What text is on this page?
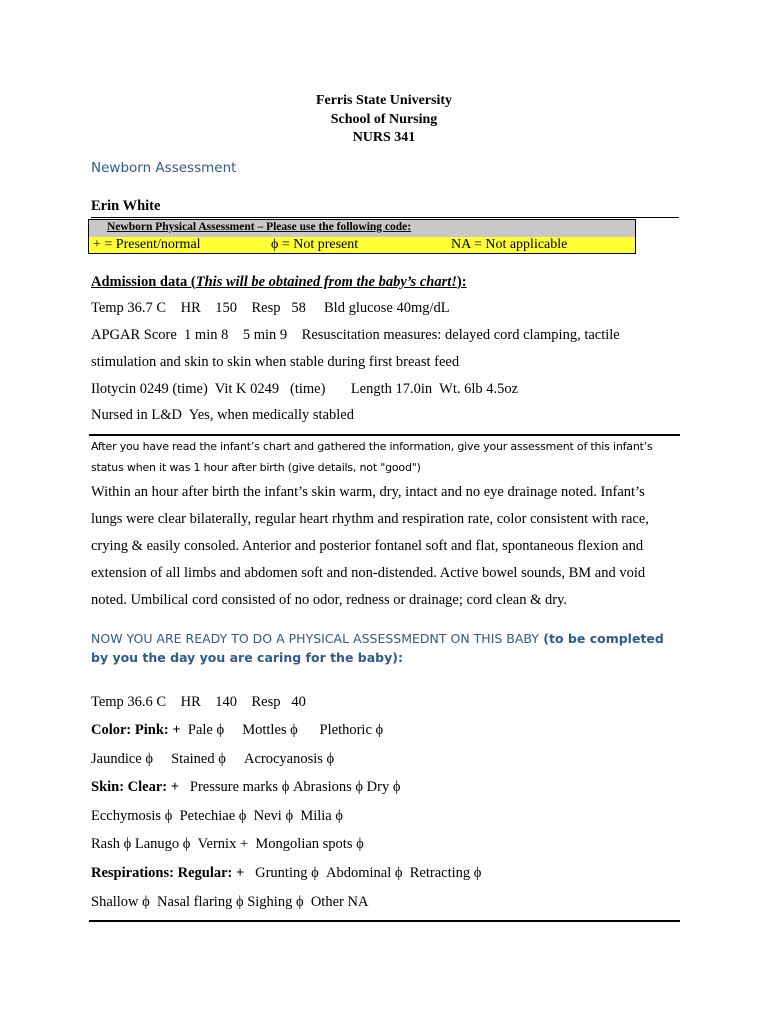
Ferris State University
School of Nursing
NURS 341
Newborn Assessment
Erin White
Newborn Physical Assessment – Please use the following code:
+ = Present/normal	ϕ = Not present	NA = Not applicable
Admission data (This will be obtained from the baby’s chart!):
Temp 36.7 C    HR    150    Resp   58     Bld glucose 40mg/dL
APGAR Score  1 min 8    5 min 9    Resuscitation measures: delayed cord clamping, tactile
stimulation and skin to skin when stable during first breast feed
Ilotycin 0249 (time)  Vit K 0249   (time)       Length 17.0in  Wt. 6lb 4.5oz
Nursed in L&D  Yes, when medically stabled
After you have read the infant’s chart and gathered the information, give your assessment of this infant’s
status when it was 1 hour after birth (give details, not "good")
Within an hour after birth the infant’s skin warm, dry, intact and no eye drainage noted. Infant’s
lungs were clear bilaterally, regular heart rhythm and respiration rate, color consistent with race,
crying & easily consoled. Anterior and posterior fontanel soft and flat, spontaneous flexion and
extension of all limbs and abdomen soft and non-distended. Active bowel sounds, BM and void
noted. Umbilical cord consisted of no odor, redness or drainage; cord clean & dry.
NOW YOU ARE READY TO DO A PHYSICAL ASSESSMEDNT ON THIS BABY (to be completed
by you the day you are caring for the baby):
Temp 36.6 C    HR    140    Resp   40
Color: Pink: +  Pale ϕ     Mottles ϕ      Plethoric ϕ
Jaundice ϕ     Stained ϕ     Acrocyanosis ϕ
Skin: Clear: +   Pressure marks ϕ Abrasions ϕ Dry ϕ
Ecchymosis ϕ  Petechiae ϕ  Nevi ϕ  Milia ϕ
Rash ϕ Lanugo ϕ  Vernix +  Mongolian spots ϕ
Respirations: Regular: +   Grunting ϕ  Abdominal ϕ  Retracting ϕ
Shallow ϕ  Nasal flaring ϕ Sighing ϕ  Other NA
